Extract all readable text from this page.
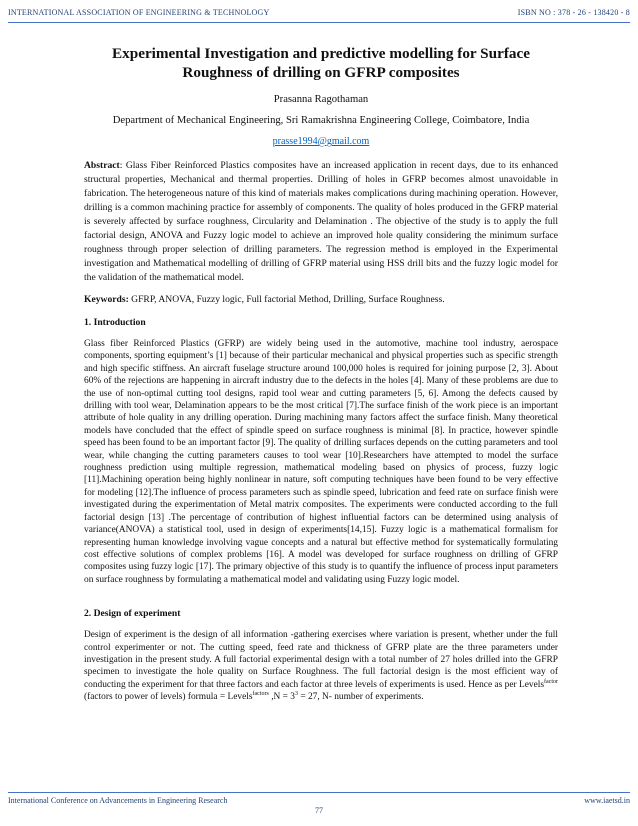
INTERNATIONAL ASSOCIATION OF ENGINEERING & TECHNOLOGY	ISBN NO : 378 - 26 - 138420 - 8
Experimental Investigation and predictive modelling for Surface Roughness of drilling on GFRP composites
Prasanna Ragothaman
Department of Mechanical Engineering, Sri Ramakrishna Engineering College, Coimbatore, India
prasse1994@gmail.com

Abstract: Glass Fiber Reinforced Plastics composites have an increased application in recent days, due to its enhanced structural properties, Mechanical and thermal properties. Drilling of holes in GFRP becomes almost unavoidable in fabrication. The heterogeneous nature of this kind of materials makes complications during machining operation. However, drilling is a common machining practice for assembly of components. The quality of holes produced in the GFRP material is severely affected by surface roughness, Circularity and Delamination . The objective of the study is to apply the full factorial design, ANOVA and Fuzzy logic model to achieve an improved hole quality considering the minimum surface roughness through proper selection of drilling parameters. The regression method is employed in the Experimental investigation and Mathematical modelling of drilling of GFRP material using HSS drill bits and the fuzzy logic model for the validation of the mathematical model.

Keywords: GFRP, ANOVA, Fuzzy logic, Full factorial Method, Drilling, Surface Roughness.

1. Introduction

Glass fiber Reinforced Plastics (GFRP) are widely being used in the automotive, machine tool industry, aerospace components, sporting equipment’s [1] because of their particular mechanical and physical properties such as specific strength and high specific stiffness. An aircraft fuselage structure around 100,000 holes is required for joining purpose [2, 3]. About 60% of the rejections are happening in aircraft industry due to the defects in the holes [4]. Many of these problems are due to the use of non-optimal cutting tool designs, rapid tool wear and cutting parameters [5, 6]. Among the defects caused by drilling with tool wear, Delamination appears to be the most critical [7].The surface finish of the work piece is an important attribute of hole quality in any drilling operation. During machining many factors affect the surface finish. Many theoretical models have concluded that the effect of spindle speed on surface roughness is minimal [8]. In practice, however spindle speed has been found to be an important factor [9]. The quality of drilling surfaces depends on the cutting parameters and tool wear, while changing the cutting parameters causes to tool wear [10].Researchers have attempted to model the surface roughness prediction using multiple regression, mathematical modeling based on physics of process, fuzzy logic [11].Machining operation being highly nonlinear in nature, soft computing techniques have been found to be very effective for modeling [12].The influence of process parameters such as spindle speed, lubrication and feed rate on surface finish were investigated during the experimentation of Metal matrix composites. The experiments were conducted according to the full factorial design [13] .The percentage of contribution of highest influential factors can be determined using analysis of variance(ANOVA) a statistical tool, used in design of experiments[14,15]. Fuzzy logic is a mathematical formalism for representing human knowledge involving vague concepts and a natural but effective method for systematically formulating cost effective solutions of complex problems [16]. A model was developed for surface roughness on drilling of GFRP composites using fuzzy logic [17]. The primary objective of this study is to quantify the influence of process input parameters on surface roughness by formulating a mathematical model and validating using Fuzzy logic model.

2. Design of experiment

Design of experiment is the design of all information -gathering exercises where variation is present, whether under the full control experimenter or not. The cutting speed, feed rate and thickness of GFRP plate are the three parameters under investigation in the present study. A full factorial experimental design with a total number of 27 holes drilled into the GFRP specimen to investigate the hole quality on Surface Roughness. The full factorial design is the most efficient way of conducting the experiment for that three factors and each factor at three levels of experiments is used. Hence as per Levels$^{factor}$ (factors to power of levels) formula = Levels$^{factors}$ $,N = 3^3 = 27$, N- number of experiments.

International Conference on Advancements in Engineering Research	www.iaetsd.in
77
